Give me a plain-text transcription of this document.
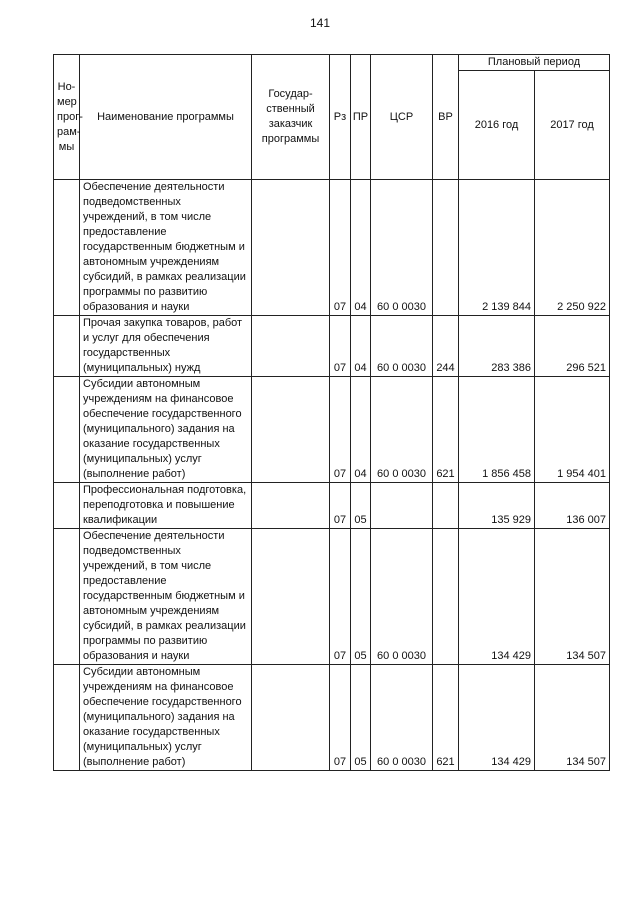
141
Но-мер прог-рам-мы	Наименование программы	Государ-ственный заказчик программы	Рз	ПР	ЦСР	ВР	Плановый период	
							2016 год	2017 год
	Обеспечение деятельности подведомственных учреждений, в том числе предоставление государственным бюджетным и автономным учреждениям субсидий, в рамках реализации программы по развитию образования и науки		07	04	60 0 0030		2 139 844	2 250 922
	Прочая закупка товаров, работ и услуг для обеспечения государственных (муниципальных) нужд		07	04	60 0 0030	244	283 386	296 521
	Субсидии автономным учреждениям на финансовое обеспечение государственного (муниципального) задания на оказание государственных (муниципальных) услуг (выполнение работ)		07	04	60 0 0030	621	1 856 458	1 954 401
	Профессиональная подготовка, переподготовка и повышение квалификации		07	05			135 929	136 007
	Обеспечение деятельности подведомственных учреждений, в том числе предоставление государственным бюджетным и автономным учреждениям субсидий, в рамках реализации программы по развитию образования и науки		07	05	60 0 0030		134 429	134 507
	Субсидии автономным учреждениям на финансовое обеспечение государственного (муниципального) задания на оказание государственных (муниципальных) услуг (выполнение работ)		07	05	60 0 0030	621	134 429	134 507
